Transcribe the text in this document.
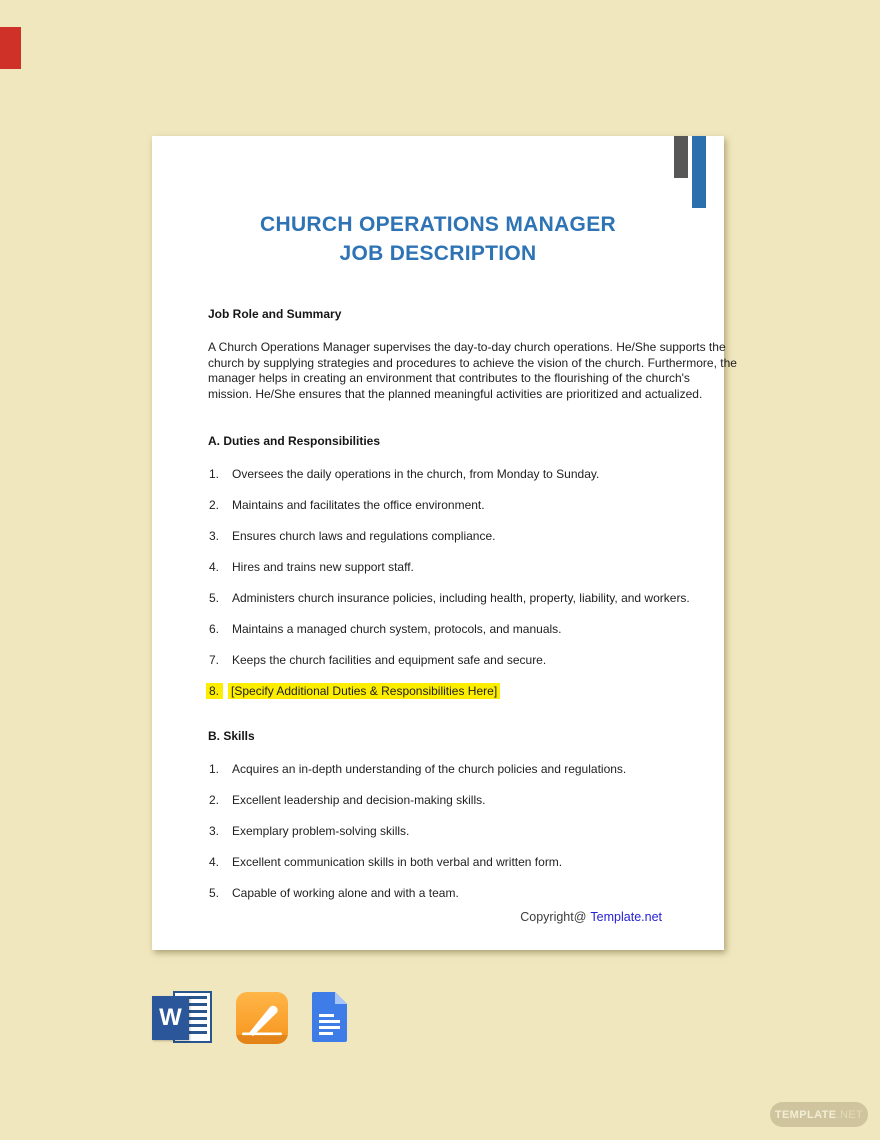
CHURCH OPERATIONS MANAGER
JOB DESCRIPTION
Job Role and Summary

A Church Operations Manager supervises the day-to-day church operations. He/She supports the
church by supplying strategies and procedures to achieve the vision of the church. Furthermore, the
manager helps in creating an environment that contributes to the flourishing of the church's
mission. He/She ensures that the planned meaningful activities are prioritized and actualized.

A. Duties and Responsibilities
1.	Oversees the daily operations in the church, from Monday to Sunday.
2.	Maintains and facilitates the office environment.
3.	Ensures church laws and regulations compliance.
4.	Hires and trains new support staff.
5.	Administers church insurance policies, including health, property, liability, and workers.
6.	Maintains a managed church system, protocols, and manuals.
7.	Keeps the church facilities and equipment safe and secure.
8.	[Specify Additional Duties & Responsibilities Here]
B. Skills
1.	Acquires an in-depth understanding of the church policies and regulations.
2.	Excellent leadership and decision-making skills.
3.	Exemplary problem-solving skills.
4.	Excellent communication skills in both verbal and written form.
5.	Capable of working alone and with a team.
Copyright@ Template.net
W
TEMPLATE .NET
